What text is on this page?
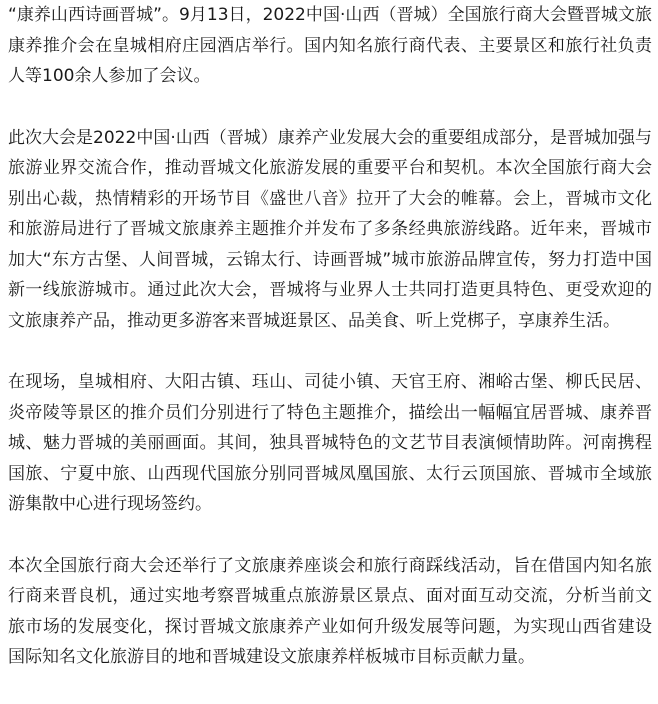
“康养山西诗画晋城”。9月13日，2022中国·山西（晋城）全国旅行商大会暨晋城文旅康养推介会在皇城相府庄园酒店举行。国内知名旅行商代表、主要景区和旅行社负责人等100余人参加了会议。

此次大会是2022中国·山西（晋城）康养产业发展大会的重要组成部分，是晋城加强与旅游业界交流合作，推动晋城文化旅游发展的重要平台和契机。本次全国旅行商大会别出心裁，热情精彩的开场节目《盛世八音》拉开了大会的帷幕。会上，晋城市文化和旅游局进行了晋城文旅康养主题推介并发布了多条经典旅游线路。近年来，晋城市加大“东方古堡、人间晋城，云锦太行、诗画晋城”城市旅游品牌宣传，努力打造中国新一线旅游城市。通过此次大会，晋城将与业界人士共同打造更具特色、更受欢迎的文旅康养产品，推动更多游客来晋城逛景区、品美食、听上党梆子，享康养生活。

在现场，皇城相府、大阳古镇、珏山、司徒小镇、天官王府、湘峪古堡、柳氏民居、炎帝陵等景区的推介员们分别进行了特色主题推介，描绘出一幅幅宜居晋城、康养晋城、魅力晋城的美丽画面。其间，独具晋城特色的文艺节目表演倾情助阵。河南携程国旅、宁夏中旅、山西现代国旅分别同晋城凤凰国旅、太行云顶国旅、晋城市全域旅游集散中心进行现场签约。

本次全国旅行商大会还举行了文旅康养座谈会和旅行商踩线活动，旨在借国内知名旅行商来晋良机，通过实地考察晋城重点旅游景区景点、面对面互动交流，分析当前文旅市场的发展变化，探讨晋城文旅康养产业如何升级发展等问题，为实现山西省建设国际知名文化旅游目的地和晋城建设文旅康养样板城市目标贡献力量。
